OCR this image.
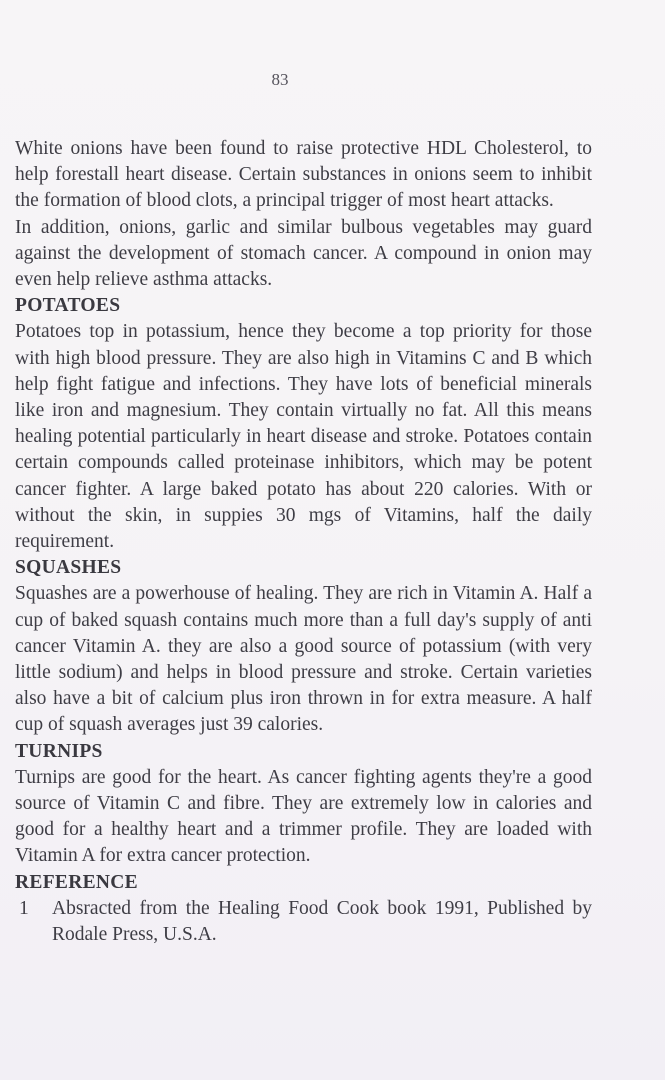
83

White onions have been found to raise protective HDL Cholesterol, to help forestall heart disease. Certain substances in onions seem to inhibit the formation of blood clots, a principal trigger of most heart attacks.

In addition, onions, garlic and similar bulbous vegetables may guard against the development of stomach cancer. A compound in onion may even help relieve asthma attacks.

POTATOES

Potatoes top in potassium, hence they become a top priority for those with high blood pressure. They are also high in Vitamins C and B which help fight fatigue and infections. They have lots of beneficial minerals like iron and magnesium. They contain virtually no fat. All this means healing potential particularly in heart disease and stroke. Potatoes contain certain compounds called proteinase inhibitors, which may be potent cancer fighter. A large baked potato has about 220 calories. With or without the skin, in suppies 30 mgs of Vitamins, half the daily requirement.

SQUASHES

Squashes are a powerhouse of healing. They are rich in Vitamin A. Half a cup of baked squash contains much more than a full day's supply of anti cancer Vitamin A. they are also a good source of potassium (with very little sodium) and helps in blood pressure and stroke. Certain varieties also have a bit of calcium plus iron thrown in for extra measure. A half cup of squash averages just 39 calories.

TURNIPS

Turnips are good for the heart. As cancer fighting agents they're a good source of Vitamin C and fibre. They are extremely low in calories and good for a healthy heart and a trimmer profile. They are loaded with Vitamin A for extra cancer protection.

REFERENCE
1	Absracted from the Healing Food Cook book 1991, Published by Rodale Press, U.S.A.
